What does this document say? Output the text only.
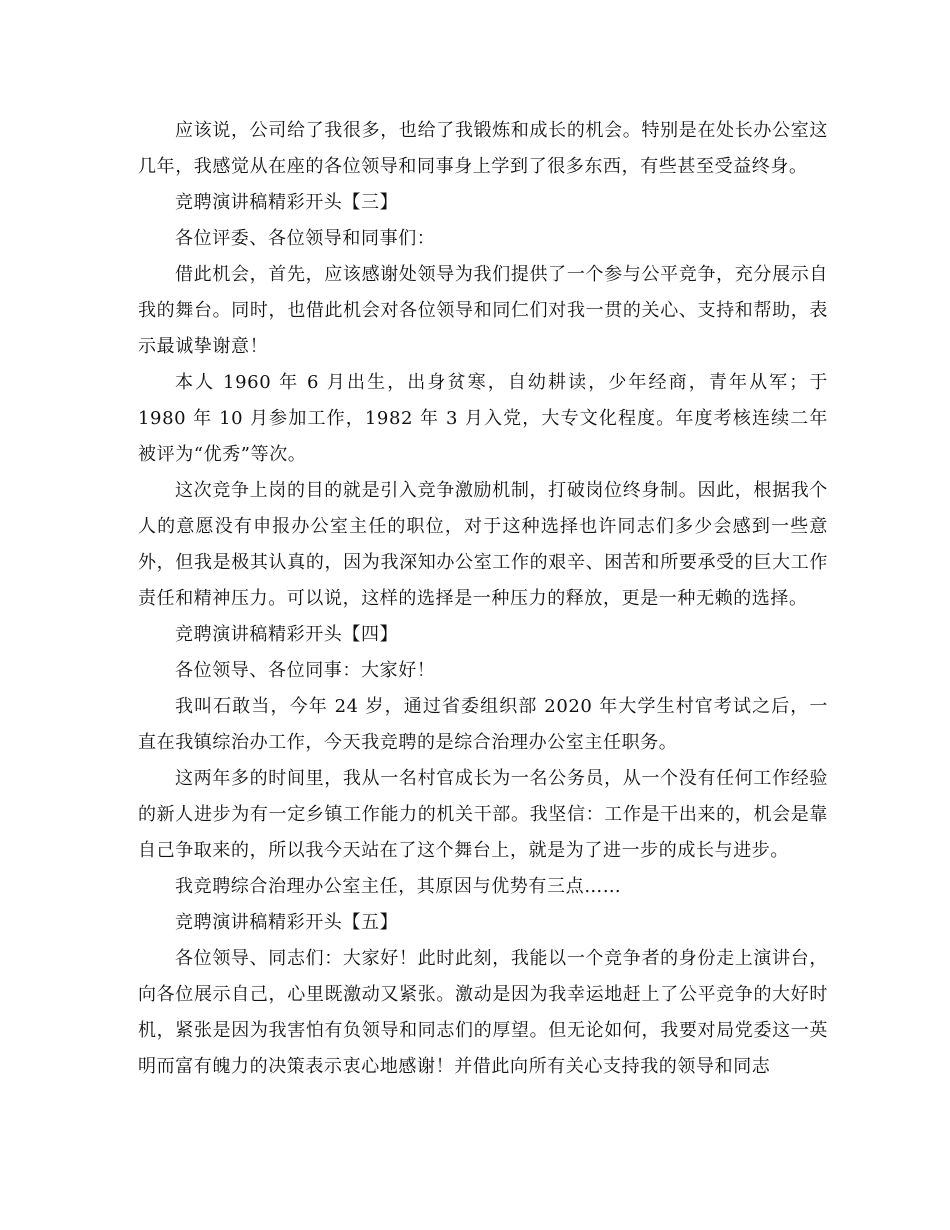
应该说，公司给了我很多，也给了我锻炼和成长的机会。特别是在处长办公室这几年，我感觉从在座的各位领导和同事身上学到了很多东西，有些甚至受益终身。

竞聘演讲稿精彩开头【三】

各位评委、各位领导和同事们：

借此机会，首先，应该感谢处领导为我们提供了一个参与公平竞争，充分展示自我的舞台。同时，也借此机会对各位领导和同仁们对我一贯的关心、支持和帮助，表示最诚挚谢意！

本人 1960 年 6 月出生，出身贫寒，自幼耕读，少年经商，青年从军；于 1980 年 10 月参加工作，1982 年 3 月入党，大专文化程度。年度考核连续二年被评为“优秀”等次。

这次竞争上岗的目的就是引入竞争激励机制，打破岗位终身制。因此，根据我个人的意愿没有申报办公室主任的职位，对于这种选择也许同志们多少会感到一些意外，但我是极其认真的，因为我深知办公室工作的艰辛、困苦和所要承受的巨大工作责任和精神压力。可以说，这样的选择是一种压力的释放，更是一种无赖的选择。

竞聘演讲稿精彩开头【四】

各位领导、各位同事：大家好！

我叫石敢当，今年 24 岁，通过省委组织部 2020 年大学生村官考试之后，一直在我镇综治办工作，今天我竞聘的是综合治理办公室主任职务。

这两年多的时间里，我从一名村官成长为一名公务员，从一个没有任何工作经验的新人进步为有一定乡镇工作能力的机关干部。我坚信：工作是干出来的，机会是靠自己争取来的，所以我今天站在了这个舞台上，就是为了进一步的成长与进步。

我竞聘综合治理办公室主任，其原因与优势有三点……

竞聘演讲稿精彩开头【五】

各位领导、同志们：大家好！此时此刻，我能以一个竞争者的身份走上演讲台，向各位展示自己，心里既激动又紧张。激动是因为我幸运地赶上了公平竞争的大好时机，紧张是因为我害怕有负领导和同志们的厚望。但无论如何，我要对局党委这一英明而富有魄力的决策表示衷心地感谢！并借此向所有关心支持我的领导和同志
